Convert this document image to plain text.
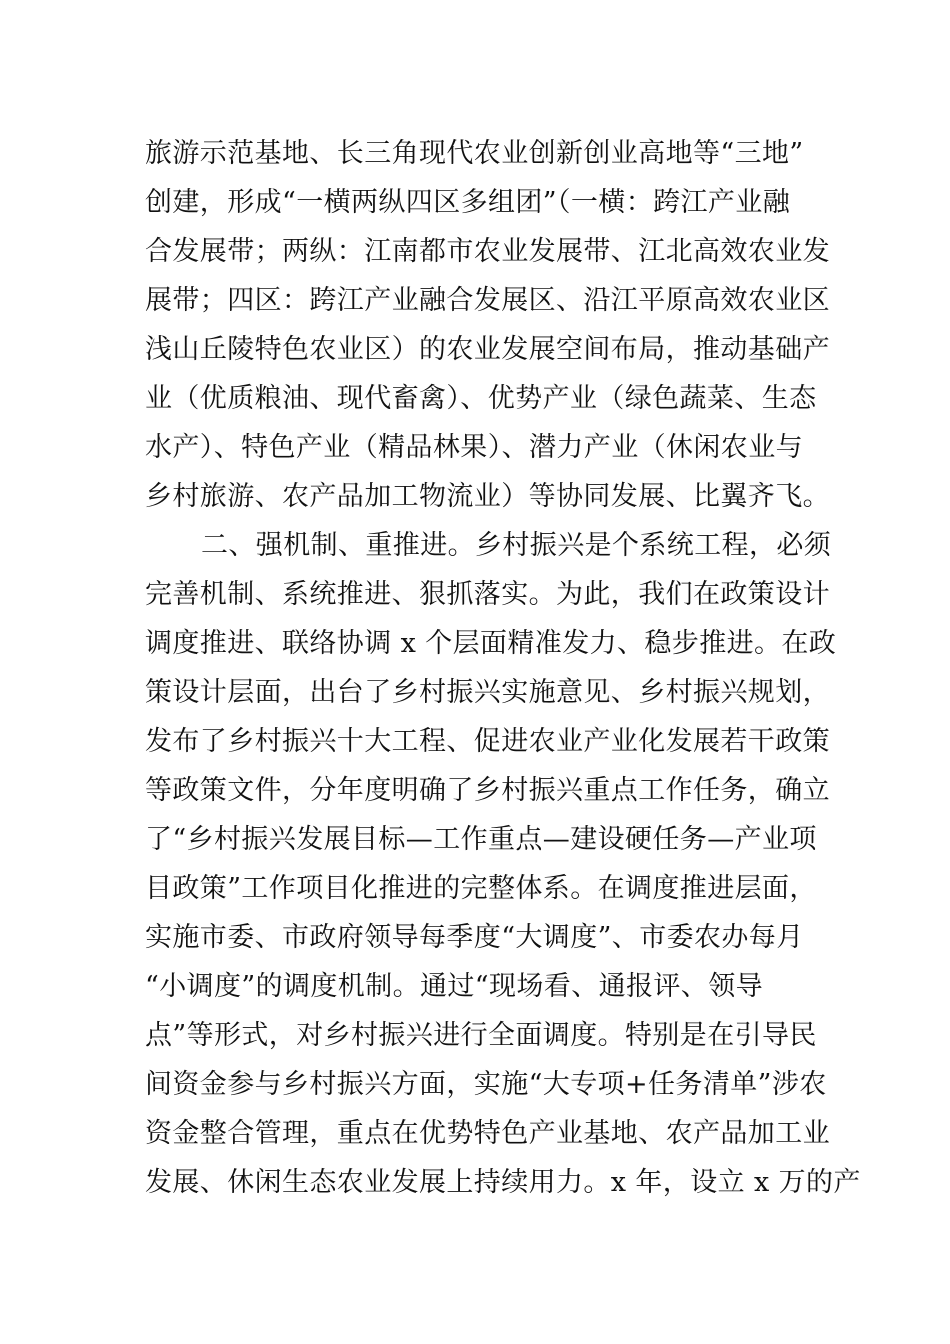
旅游示范基地、长三角现代农业创新创业高地等“三地”
创建，形成“一横两纵四区多组团”（一横：跨江产业融
合发展带；两纵：江南都市农业发展带、江北高效农业发
展带；四区：跨江产业融合发展区、沿江平原高效农业区
浅山丘陵特色农业区）的农业发展空间布局，推动基础产
业（优质粮油、现代畜禽）、优势产业（绿色蔬菜、生态
水产）、特色产业（精品林果）、潜力产业（休闲农业与
乡村旅游、农产品加工物流业）等协同发展、比翼齐飞。
二、强机制、重推进。乡村振兴是个系统工程，必须
完善机制、系统推进、狠抓落实。为此，我们在政策设计
调度推进、联络协调 x 个层面精准发力、稳步推进。在政
策设计层面，出台了乡村振兴实施意见、乡村振兴规划，
发布了乡村振兴十大工程、促进农业产业化发展若干政策
等政策文件，分年度明确了乡村振兴重点工作任务，确立
了“乡村振兴发展目标—工作重点—建设硬任务—产业项
目政策”工作项目化推进的完整体系。在调度推进层面，
实施市委、市政府领导每季度“大调度”、市委农办每月
“小调度”的调度机制。通过“现场看、通报评、领导
点”等形式，对乡村振兴进行全面调度。特别是在引导民
间资金参与乡村振兴方面，实施“大专项+任务清单”涉农
资金整合管理，重点在优势特色产业基地、农产品加工业
发展、休闲生态农业发展上持续用力。x 年，设立 x 万的产
